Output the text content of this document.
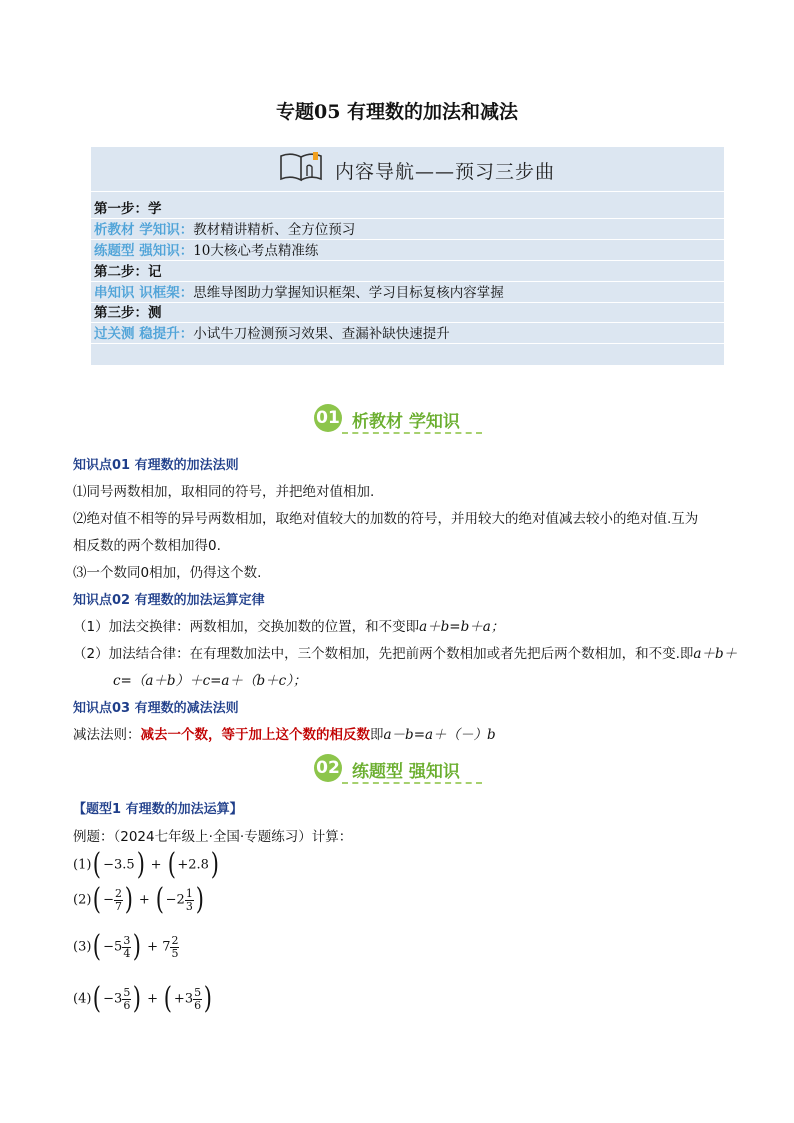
专题05 有理数的加法和减法
内容导航——预习三步曲
第一步：学
析教材 学知识：教材精讲精析、全方位预习
练题型 强知识：10大核心考点精准练
第二步：记
串知识 识框架：思维导图助力掌握知识框架、学习目标复核内容掌握
第三步：测
过关测 稳提升：小试牛刀检测预习效果、查漏补缺快速提升
01 析教材 学知识
知识点01 有理数的加法法则
⑴同号两数相加，取相同的符号，并把绝对值相加.
⑵绝对值不相等的异号两数相加，取绝对值较大的加数的符号，并用较大的绝对值减去较小的绝对值.互为
相反数的两个数相加得0.
⑶一个数同0相加，仍得这个数.
知识点02 有理数的加法运算定律
（1）加法交换律：两数相加，交换加数的位置，和不变即a＋b=b＋a；
（2）加法结合律：在有理数加法中，三个数相加，先把前两个数相加或者先把后两个数相加，和不变.即a＋b＋
c=（a＋b）＋c=a＋（b＋c）；
知识点03 有理数的减法法则
减法法则：减去一个数，等于加上这个数的相反数即a－b=a＋（－）b
02 练题型 强知识
【题型1 有理数的加法运算】
例题：（2024七年级上·全国·专题练习）计算：
(1)( −3.5) + ( +2.8)
$(2)( - \frac{2}{7}$ ) + ( $-2 \frac{1}{3}$ )
$(3)( -5 \frac{3}{4}$ ) + $7 \frac{2}{5}$
$(4)( -3 \frac{5}{6}$ ) + ( $+3 \frac{5}{6}$ )
